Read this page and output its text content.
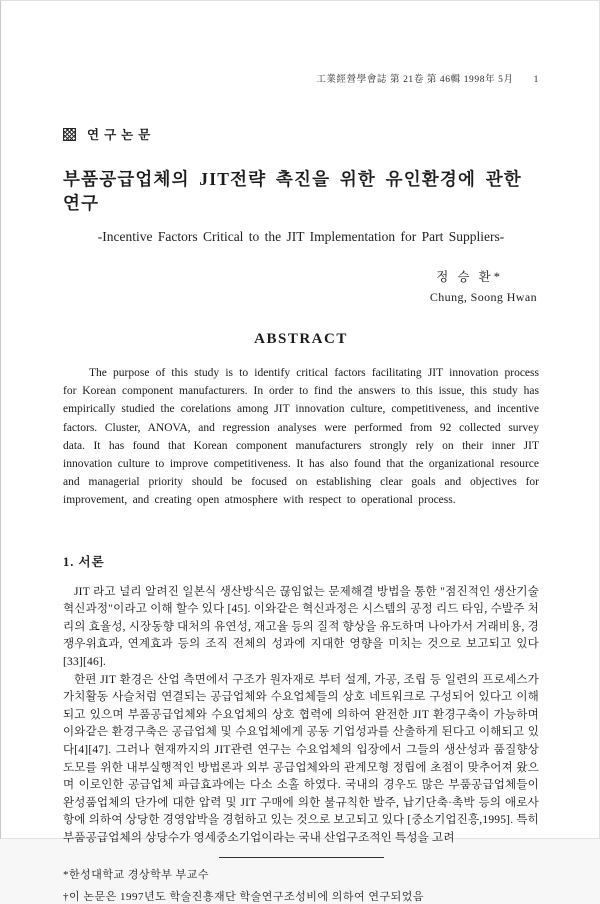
工業經營學會誌 第 21卷 第 46輯 1998年 5月 1
연구논문
부품공급업체의 JIT전략 촉진을 위한 유인환경에 관한 연구
-Incentive Factors Critical to the JIT Implementation for Part Suppliers-
정 승 환*
Chung, Soong Hwan
ABSTRACT

The purpose of this study is to identify critical factors facilitating JIT innovation process for Korean component manufacturers. In order to find the answers to this issue, this study has empirically studied the corelations among JIT innovation culture, competitiveness, and incentive factors. Cluster, ANOVA, and regression analyses were performed from 92 collected survey data. It has found that Korean component manufacturers strongly rely on their inner JIT innovation culture to improve competitiveness. It has also found that the organizational resource and managerial priority should be focused on establishing clear goals and objectives for improvement, and creating open atmosphere with respect to operational process.

1. 서론

JIT 라고 널리 알려진 일본식 생산방식은 끊임없는 문제해결 방법을 통한 "점진적인 생산기술 혁신과정"이라고 이해 할수 있다 [45]. 이와같은 혁신과정은 시스템의 공정 리드 타임, 수발주 처리의 효율성, 시장동향 대처의 유연성, 재고율 등의 질적 향상을 유도하며 나아가서 거래비용, 경쟁우위효과, 연계효과 등의 조직 전체의 성과에 지대한 영향을 미치는 것으로 보고되고 있다 [33][46].

한편 JIT 환경은 산업 측면에서 구조가 원자재로 부터 설계, 가공, 조립 등 일련의 프로세스가 가치활동 사슬처럼 연결되는 공급업체와 수요업체들의 상호 네트워크로 구성되어 있다고 이해되고 있으며 부품공급업체와 수요업체의 상호 협력에 의하여 완전한 JIT 환경구축이 가능하며 이와같은 환경구축은 공급업체 및 수요업체에게 공동 기업성과를 산출하게 된다고 이해되고 있다[4][47]. 그러나 현재까지의 JIT관련 연구는 수요업체의 입장에서 그들의 생산성과 품질향상 도모를 위한 내부실행적인 방법론과 외부 공급업체와의 관계모형 정립에 초점이 맞추어져 왔으며 이로인한 공급업체 파급효과에는 다소 소홀 하였다. 국내의 경우도 많은 부품공급업체들이 완성품업체의 단가에 대한 압력 및 JIT 구매에 의한 불규칙한 발주, 납기단축·촉박 등의 애로사항에 의하여 상당한 경영압박을 경험하고 있는 것으로 보고되고 있다 [중소기업진흥,1995]. 특히 부품공급업체의 상당수가 영세중소기업이라는 국내 산업구조적인 특성을 고려

*한성대학교 경상학부 부교수
†이 논문은 1997년도 학술진흥재단 학술연구조성비에 의하여 연구되었음
